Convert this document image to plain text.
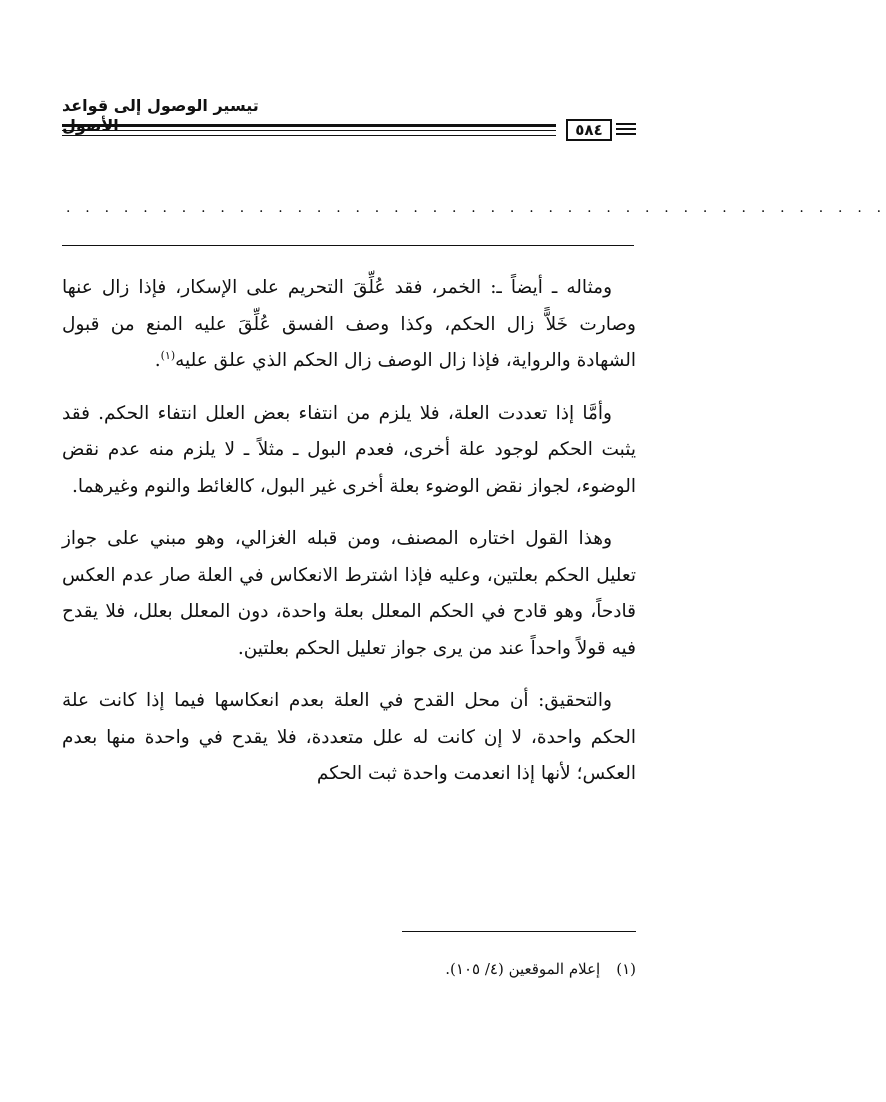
تيسير الوصول إلى قواعد
٥٨٤
· · · · · · · · · · · · · · · · · · · · · · · · · · · · · · · · · · · · · · · · · · ·

ومثاله ـ أيضاً ـ: الخمر، فقد عُلِّقَ التحريم على الإسكار، فإذا زال عنها وصارت خَلاًّ زال الحكم، وكذا وصف الفسق عُلِّقَ عليه المنع من قبول الشهادة والرواية، فإذا زال الوصف زال الحكم الذي علق عليه$^{(١)}$.

وأمَّا إذا تعددت العلة، فلا يلزم من انتفاء بعض العلل انتفاء الحكم. فقد يثبت الحكم لوجود علة أخرى، فعدم البول ـ مثلاً ـ لا يلزم منه عدم نقض الوضوء، لجواز نقض الوضوء بعلة أخرى غير البول، كالغائط والنوم وغيرهما.

وهذا القول اختاره المصنف، ومن قبله الغزالي، وهو مبني على جواز تعليل الحكم بعلتين، وعليه فإذا اشترط الانعكاس في العلة صار عدم العكس قادحاً، وهو قادح في الحكم المعلل بعلة واحدة، دون المعلل بعلل، فلا يقدح فيه قولاً واحداً عند من يرى جواز تعليل الحكم بعلتين.

والتحقيق: أن محل القدح في العلة بعدم انعكاسها فيما إذا كانت علة الحكم واحدة، لا إن كانت له علل متعددة، فلا يقدح في واحدة منها بعدم العكس؛ لأنها إذا انعدمت واحدة ثبت الحكم

(١)إعلام الموقعين (٤/ ١٠٥).
